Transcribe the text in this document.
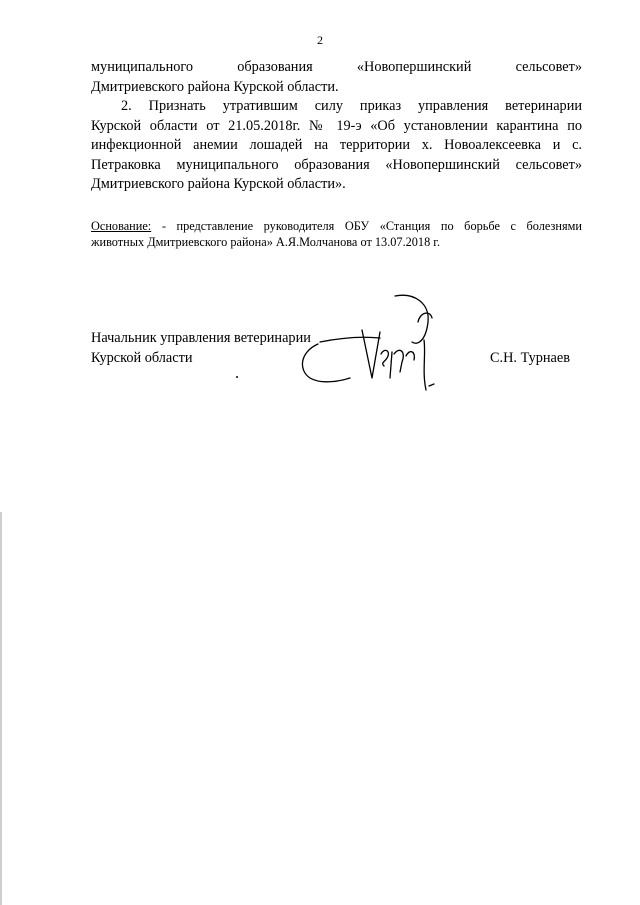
2
муниципального	образования	«Новопершинский	сельсовет»
Дмитриевского района Курской области.
2. Признать утратившим силу приказ управления ветеринарии
Курской области от 21.05.2018г. № 19-э «Об установлении карантина по
инфекционной анемии лошадей на территории х. Новоалексеевка и с.
Петраковка муниципального образования «Новопершинский сельсовет»
Дмитриевского района Курской области».
Основание: - представление руководителя ОБУ «Станция по борьбе с болезнями
животных Дмитриевского района» А.Я.Молчанова от 13.07.2018 г.
Начальник управления ветеринарии
Курской области	С.Н. Турнаев
